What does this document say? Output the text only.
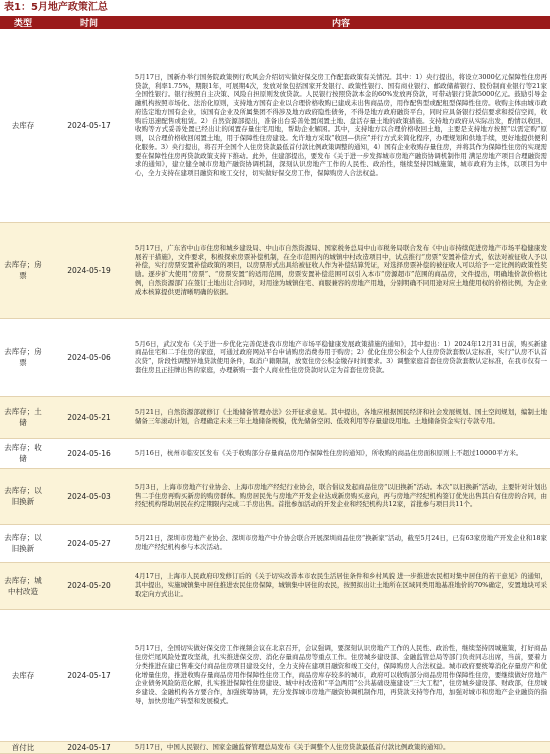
表1：5月地产政策汇总
类型	时间	内容
去库存	2024-05-17	5月17日，国新办举行国务院政策例行吹风会介绍切实做好保交房工作配套政策有关情况。其中：1）央行提出，将设立3000亿元保障性住房再贷款，利率1.75%，期限1年，可展期4次，发放对象包括国家开发银行、政策性银行、国有商业银行、邮政储蓄银行、股份制商业银行等21家全国性银行。银行按照自主决策、风险自担原则发放贷款。人民银行按照贷款本金的60%发放再贷款，可带动银行贷款5000亿元。鼓励引导金融机构按照市场化、法治化原则，支持地方国有企业以合理价格收购已建成未出售商品房，用作配售型或配租型保障性住房。收购主体由城市政府选定地方国有企业，该国有企业及所属集团不得涉及地方政府隐性债务，不得是地方政府融资平台，同时应具备银行授信要求和授信空间，收购后迅速配售或租赁。2）自然资源部提出，准备出台妥善处置闲置土地、盘活存量土地的政策措施。支持地方政府从实际出发，酌情以收回、收购等方式妥善处置已经出让的闲置存量住宅用地，帮助企业解困。其中，支持地方以合理价格收回土地，主要是支持地方按照“以需定购”原则，以合理价格收回闲置土地，用于保障性住房建设。允许地方采取“收回—供应”并行方式来简化程序，办理规划和供地手续，更好地提供便利化服务。3）央行提出，将召开全国个人住房贷款最低首付款比例政策调整的通知，4）国有企业收购存量住房，并将其作为保障性住房的实现需要在保障性住房再贷款政策支持下推动。此外，住建部提出，要发布《关于进一步发挥城市房地产融资协调机制作用 满足房地产项目合理融资需求的通知》，建立健全城市房地产融资协调机制，深刻认识房地产工作的人民性、政治性，继续坚持因城施策，城市政府为主体，以项目为中心，全力支持在建项目融资和竣工交付，切实做好保交房工作，保障购房人合法权益。
去库存；房票	2024-05-19	5月17日，广东省中山市住房和城乡建设局、中山市自然资源局、国家税务总局中山市税务局联合发布《中山市持续促进房地产市场平稳健康发展若干措施》，文件要求，积极探索房票补偿机制，在全市范围内的城镇中村改造项目中，试点推行“房票”安置补偿方式，依法对被征收人予以补偿，实行房票安置补偿政策的项目，以房票形式出具给被征收人作为补偿结算凭证，对选择房票补偿的被征收人可以给予一定比例的政策性奖励。逐步扩大使用“房票”、“房票安置”的适用范围，房票安置补偿范围可以引入本市“房源超市”范围的商品房，文件提出，明确地价款价格比例，自然资源部门在签订土地出让合同时，对用途为城镇住宅、商服兼容的房地产用地，分别明确不同用途对应土地使用权的价格比例，为企业成本核算提供更清晰明确的依据。
去库存；房票	2024-05-06	5月6日，武汉发布《关于进一步优化完善促进我市房地产市场平稳健康发展政策措施的通知》，其中提出：1）2024年12月31日前，购买新建商品住宅和二手住房的家庭，可通过政府网站平台申请购房消费券用于购房；2）优化住房公积金个人住房贷款套数认定标准，实行“认房不认首次贷”，阶段性调整异地贷款使用条件，取消户籍限制，放宽住房公积金缴存时间要求。3）调整家庭首套住房贷款套数认定标准，在我市仅有一套住房且正挂牌出售的家庭，办理新购一套个人商业性住房贷款时认定为首套住房贷款。
去库存；土储	2024-05-21	5月21日，自然资源部就修订《土地储备管理办法》公开征求意见。其中提出，各地应根据国民经济和社会发展规划、国土空间规划，编制土地储备三年滚动计划，合理确定未来三年土地储备规模，优先储备空闲、低效利用等存量建设用地。土地储备资金实行专款专用。
去库存；收储	2024-05-16	5月16日，杭州市临安区发布《关于收购部分存量商品房用作保障性住房的通知》，所收购的商品住房面积原则上不超过10000平方米。
去库存；以旧换新	2024-05-03	5月3日，上海市房地产行业协会、上海市房地产经纪行业协会，联合倡议发起商品住房“以旧换新”活动。本次“以旧换新”活动，主要针对计划出售二手住房再购买新房的购房群体。购房居民先与房地产开发企业达成新房购买意向，再与房地产经纪机构签订优先出售其自有住房的合同，由经纪机构帮助居民在约定期限内完成二手房出售。首批参加活动的开发企业和经纪机构共12家，首批参与项目共11个。
去库存；以旧换新	2024-05-27	5月21日，深圳市房地产业协会、深圳市房地产中介协会联合开展深圳商品住房“换新家”活动，截至5月24日，已有63家房地产开发企业和18家房地产经纪机构参与本次活动。
去库存；城中村改造	2024-05-20	4月17日，上海市人民政府印发修订后的《关于切实改善本市农民生活居住条件和乡村风貌 进一步推进农民相对集中居住的若干意见》的通知，其中提出，实施城镇集中居住推进农民住房保障，城镇集中居住的农民，按照拟出让土地所在区域同类用地基准地价的70%确定，安置地块可采取定向方式出让。
去库存	2024-05-17	5月17日，全国切实做好保交房工作视频会议在北京召开，会议强调，要深刻认识房地产工作的人民性、政治性，继续坚持因城施策，打好商品住房烂尾风险处置攻坚战，扎实推进保交房、消化存量商品房等重点工作。住房城乡建设部、金融监管总局等部门负责同志出席，当前，要着力分类推进在建已售难交付商品住房项目建设交付，全力支持在建项目融资和竣工交付，保障购房人合法权益。城市政府要统筹消化存量房产和优化增量住房，推进收购存量商品房用作保障性住房工作，商品房库存较多的城市，政府可以收购部分商品房用作保障性住房，要继续做好房地产企业债务风险防范化解，扎实推进保障性住房建设、城中村改造和“平急两用”公共基础设施建设“三大工程”，住房城乡建设部、财政部，住房城乡建设、金融机构各方要合作，加强统筹协调，充分发挥城市房地产融资协调机制作用，再贷款支持等作用，加强对城市和房地产企业融资的指导，加快房地产转型和发展模式。
首付比	2024-05-17	5月17日，中国人民银行、国家金融监督管理总局发布《关于调整个人住房贷款最低首付款比例政策的通知》。
